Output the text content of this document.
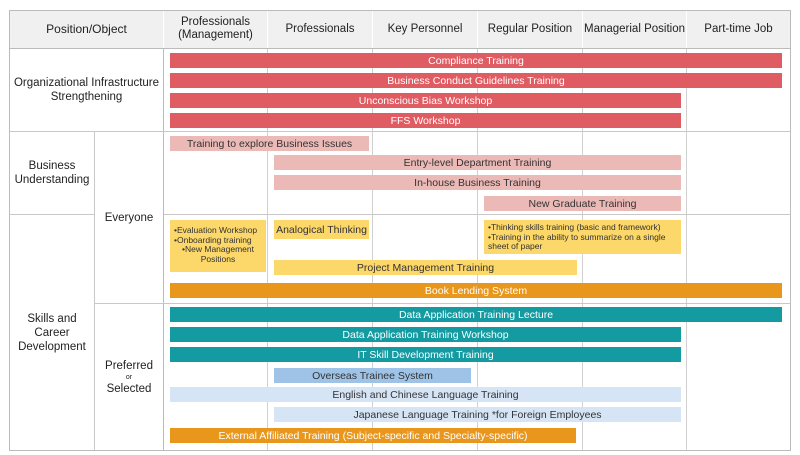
Position/Object	Professionals (Management)
Professionals	Key Personnel	Regular Position	Managerial Position	Part-time Job
Organizational Infrastructure Strengthening
Business Understanding
Skills and Career Development
Everyone
Preferred
or
Selected
Compliance Training
Business Conduct Guidelines Training
Unconscious Bias Workshop
FFS Workshop
Training to explore Business Issues
Entry-level Department Training
In-house Business Training
New Graduate Training
• Evaluation Workshop
• Onboarding training
• New Management Positions
Analogical Thinking
•	Thinking skills training (basic and framework)
• Training in the ability to summarize on a single sheet of paper
Project Management Training
Book Lending System
Data Application Training Lecture
Data Application Training Workshop
IT Skill Development Training
Overseas Trainee System
English and Chinese Language Training
Japanese Language Training *for Foreign Employees
External Affiliated Training (Subject-specific and Specialty-specific)
